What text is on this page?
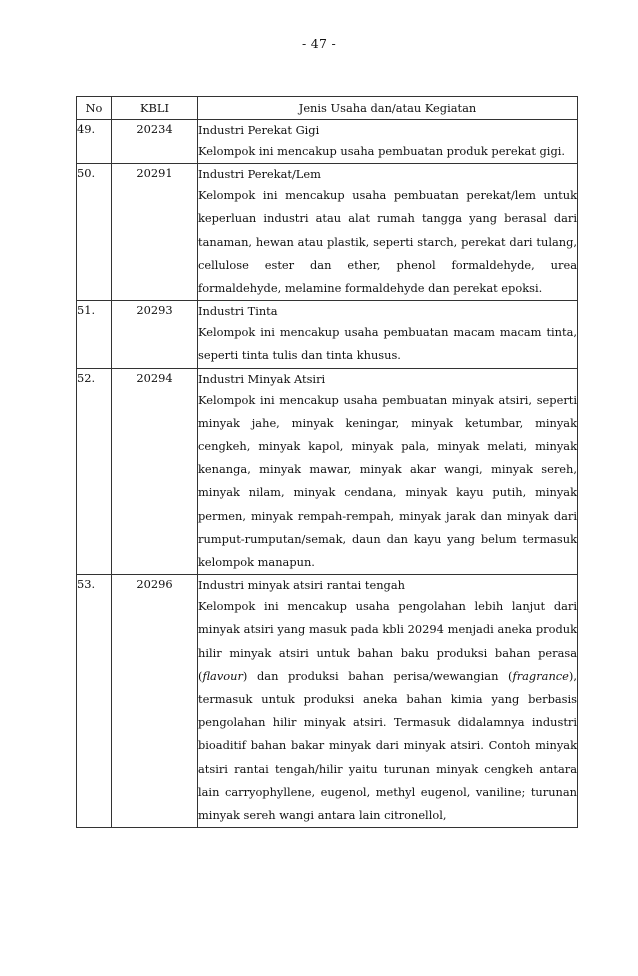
- 47 -
No	KBLI	Jenis Usaha dan/atau Kegiatan
49.	20234	Industri Perekat Gigi

Kelompok ini mencakup usaha pembuatan produk perekat gigi.

50.	20291	Industri Perekat/Lem

Kelompok ini mencakup usaha pembuatan perekat/lem untuk keperluan industri atau alat rumah tangga yang berasal dari tanaman, hewan atau plastik, seperti starch, perekat dari tulang, cellulose ester dan ether, phenol formaldehyde, urea formaldehyde, melamine formaldehyde dan perekat epoksi.

51.	20293	Industri Tinta

Kelompok ini mencakup usaha pembuatan macam macam tinta, seperti tinta tulis dan tinta khusus.

52.	20294	Industri Minyak Atsiri

Kelompok ini mencakup usaha pembuatan minyak atsiri, seperti minyak jahe, minyak keningar, minyak ketumbar, minyak cengkeh, minyak kapol, minyak pala, minyak melati, minyak kenanga, minyak mawar, minyak akar wangi, minyak sereh, minyak nilam, minyak cendana, minyak kayu putih, minyak permen, minyak rempah-rempah, minyak jarak dan minyak dari rumput-rumputan/semak, daun dan kayu yang belum termasuk kelompok manapun.

53.	20296	Industri minyak atsiri rantai tengah

Kelompok ini mencakup usaha pengolahan lebih lanjut dari minyak atsiri yang masuk pada kbli 20294 menjadi aneka produk hilir minyak atsiri untuk bahan baku produksi bahan perasa (flavour) dan produksi bahan perisa/wewangian (fragrance), termasuk untuk produksi aneka bahan kimia yang berbasis pengolahan hilir minyak atsiri. Termasuk didalamnya industri bioaditif bahan bakar minyak dari minyak atsiri. Contoh minyak atsiri rantai tengah/hilir yaitu turunan minyak cengkeh antara lain carryophyllene, eugenol, methyl eugenol, vaniline; turunan minyak sereh wangi antara lain citronellol,
